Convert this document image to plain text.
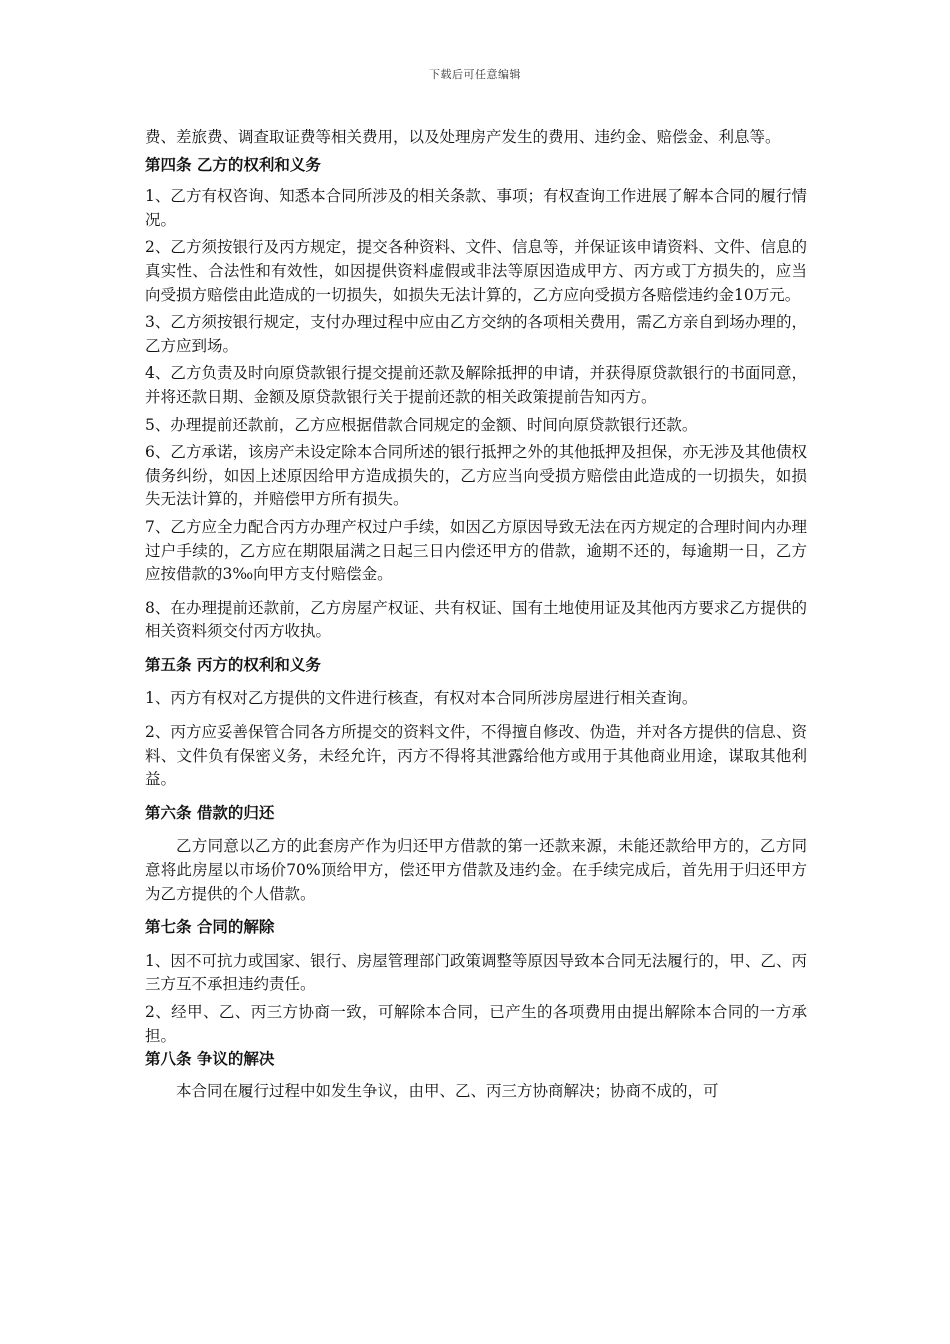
下载后可任意编辑

费、差旅费、调查取证费等相关费用，以及处理房产发生的费用、违约金、赔偿金、利息等。

第四条 乙方的权利和义务

1、乙方有权咨询、知悉本合同所涉及的相关条款、事项；有权查询工作进展了解本合同的履行情况。

2、乙方须按银行及丙方规定，提交各种资料、文件、信息等，并保证该申请资料、文件、信息的真实性、合法性和有效性，如因提供资料虚假或非法等原因造成甲方、丙方或丁方损失的，应当向受损方赔偿由此造成的一切损失，如损失无法计算的，乙方应向受损方各赔偿违约金10万元。

3、乙方须按银行规定，支付办理过程中应由乙方交纳的各项相关费用，需乙方亲自到场办理的，乙方应到场。

4、乙方负责及时向原贷款银行提交提前还款及解除抵押的申请，并获得原贷款银行的书面同意，并将还款日期、金额及原贷款银行关于提前还款的相关政策提前告知丙方。

5、办理提前还款前，乙方应根据借款合同规定的金额、时间向原贷款银行还款。

6、乙方承诺，该房产未设定除本合同所述的银行抵押之外的其他抵押及担保，亦无涉及其他债权债务纠纷，如因上述原因给甲方造成损失的，乙方应当向受损方赔偿由此造成的一切损失，如损失无法计算的，并赔偿甲方所有损失。

7、乙方应全力配合丙方办理产权过户手续，如因乙方原因导致无法在丙方规定的合理时间内办理过户手续的，乙方应在期限届满之日起三日内偿还甲方的借款，逾期不还的，每逾期一日，乙方应按借款的3‰向甲方支付赔偿金。

8、在办理提前还款前，乙方房屋产权证、共有权证、国有土地使用证及其他丙方要求乙方提供的相关资料须交付丙方收执。

第五条 丙方的权利和义务

1、丙方有权对乙方提供的文件进行核查，有权对本合同所涉房屋进行相关查询。

2、丙方应妥善保管合同各方所提交的资料文件，不得擅自修改、伪造，并对各方提供的信息、资料、文件负有保密义务，未经允许，丙方不得将其泄露给他方或用于其他商业用途，谋取其他利益。

第六条 借款的归还

乙方同意以乙方的此套房产作为归还甲方借款的第一还款来源，未能还款给甲方的，乙方同意将此房屋以市场价70%顶给甲方，偿还甲方借款及违约金。在手续完成后，首先用于归还甲方为乙方提供的个人借款。

第七条 合同的解除

1、因不可抗力或国家、银行、房屋管理部门政策调整等原因导致本合同无法履行的，甲、乙、丙三方互不承担违约责任。

2、经甲、乙、丙三方协商一致，可解除本合同，已产生的各项费用由提出解除本合同的一方承担。

第八条 争议的解决

本合同在履行过程中如发生争议，由甲、乙、丙三方协商解决；协商不成的，可
